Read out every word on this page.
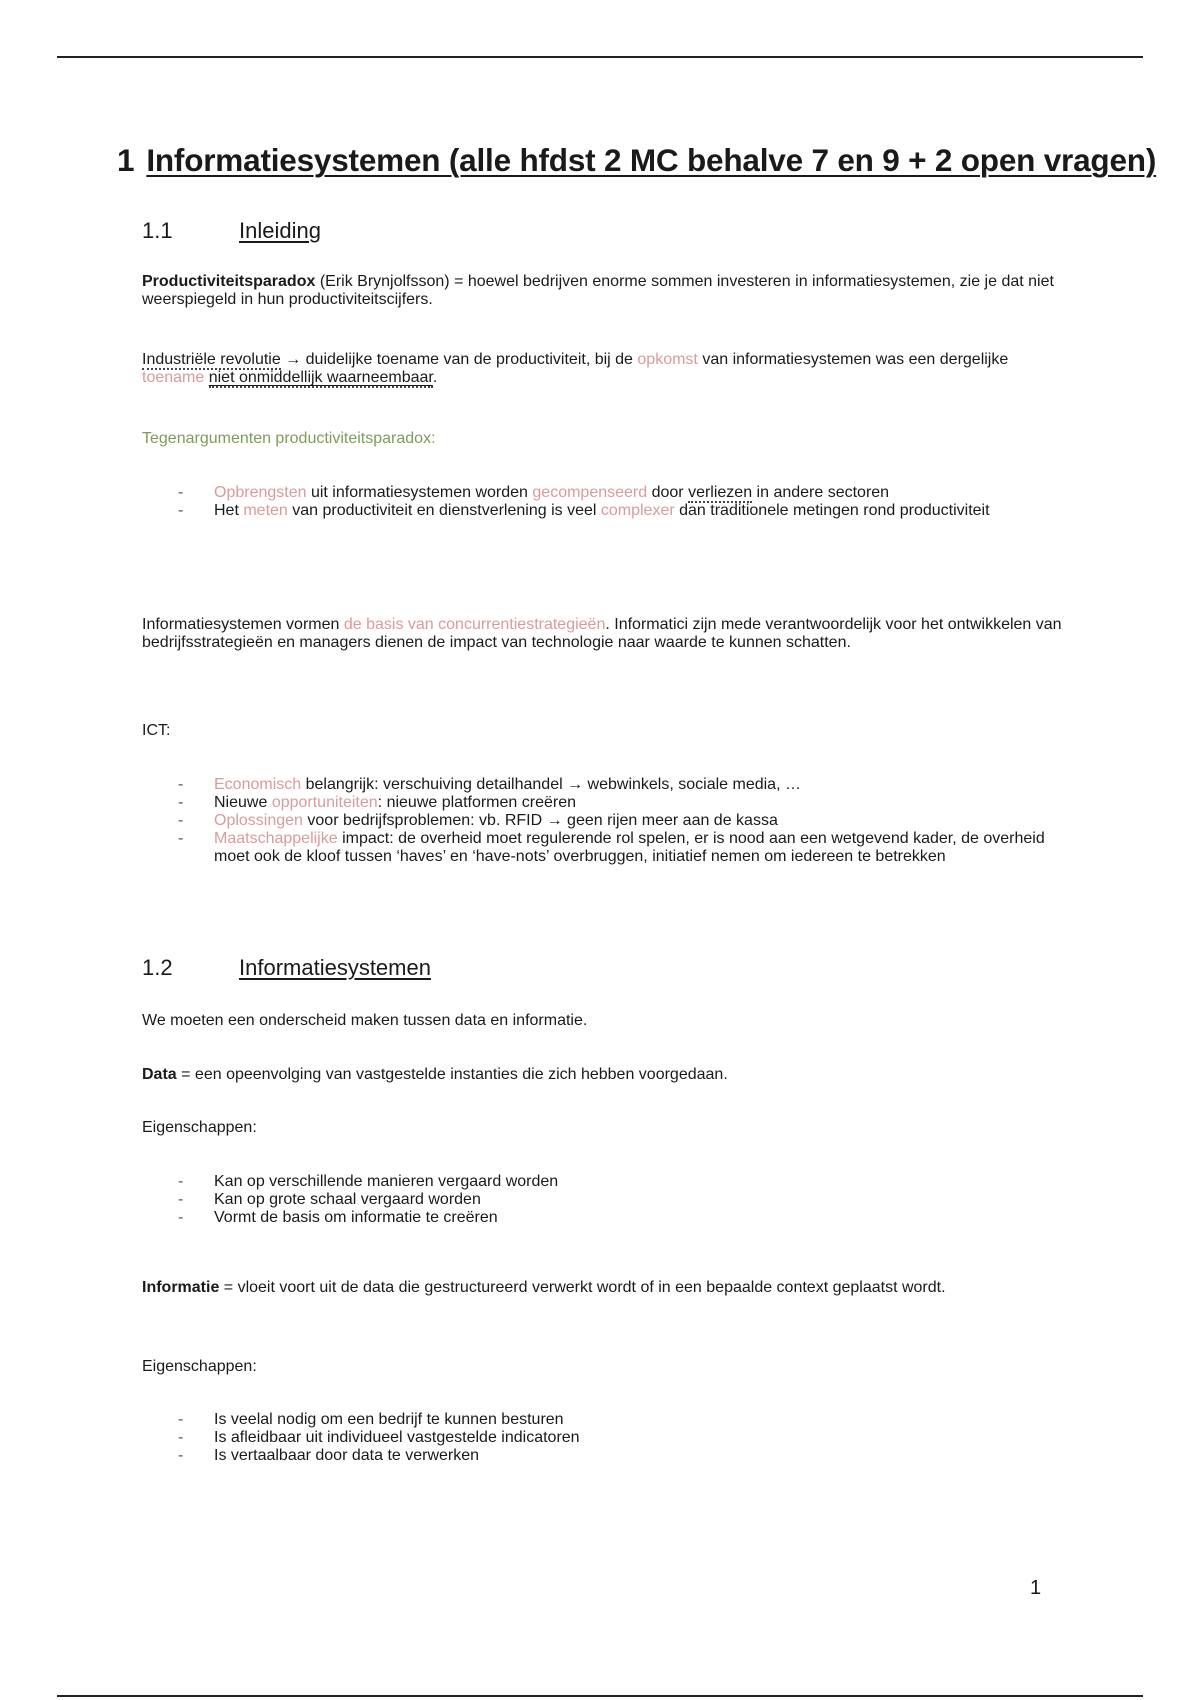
1 Informatiesystemen (alle hfdst 2 MC behalve 7 en 9 + 2 open vragen)
1.1	Inleiding

Productiviteitsparadox (Erik Brynjolfsson) = hoewel bedrijven enorme sommen investeren in informatiesystemen, zie je dat niet weerspiegeld in hun productiviteitscijfers.

Industriële revolutie → duidelijke toename van de productiviteit, bij de opkomst van informatiesystemen was een dergelijke toename niet onmiddellijk waarneembaar.

Tegenargumenten productiviteitsparadox:

- Opbrengsten uit informatiesystemen worden gecompenseerd door verliezen in andere sectoren
- Het meten van productiviteit en dienstverlening is veel complexer dan traditionele metingen rond productiviteit

Informatiesystemen vormen de basis van concurrentiestrategieën. Informatici zijn mede verantwoordelijk voor het ontwikkelen van bedrijfsstrategieën en managers dienen de impact van technologie naar waarde te kunnen schatten.

ICT:

- Economisch belangrijk: verschuiving detailhandel → webwinkels, sociale media, …
- Nieuwe opportuniteiten: nieuwe platformen creëren
- Oplossingen voor bedrijfsproblemen: vb. RFID → geen rijen meer aan de kassa
- Maatschappelijke impact: de overheid moet regulerende rol spelen, er is nood aan een wetgevend kader, de overheid moet ook de kloof tussen ‘haves’ en ‘have-nots’ overbruggen, initiatief nemen om iedereen te betrekken
1.2	Informatiesystemen

We moeten een onderscheid maken tussen data en informatie.

Data = een opeenvolging van vastgestelde instanties die zich hebben voorgedaan.

Eigenschappen:

- Kan op verschillende manieren vergaard worden
- Kan op grote schaal vergaard worden
- Vormt de basis om informatie te creëren

Informatie = vloeit voort uit de data die gestructureerd verwerkt wordt of in een bepaalde context geplaatst wordt.

Eigenschappen:

- Is veelal nodig om een bedrijf te kunnen besturen
- Is afleidbaar uit individueel vastgestelde indicatoren
- Is vertaalbaar door data te verwerken
1
